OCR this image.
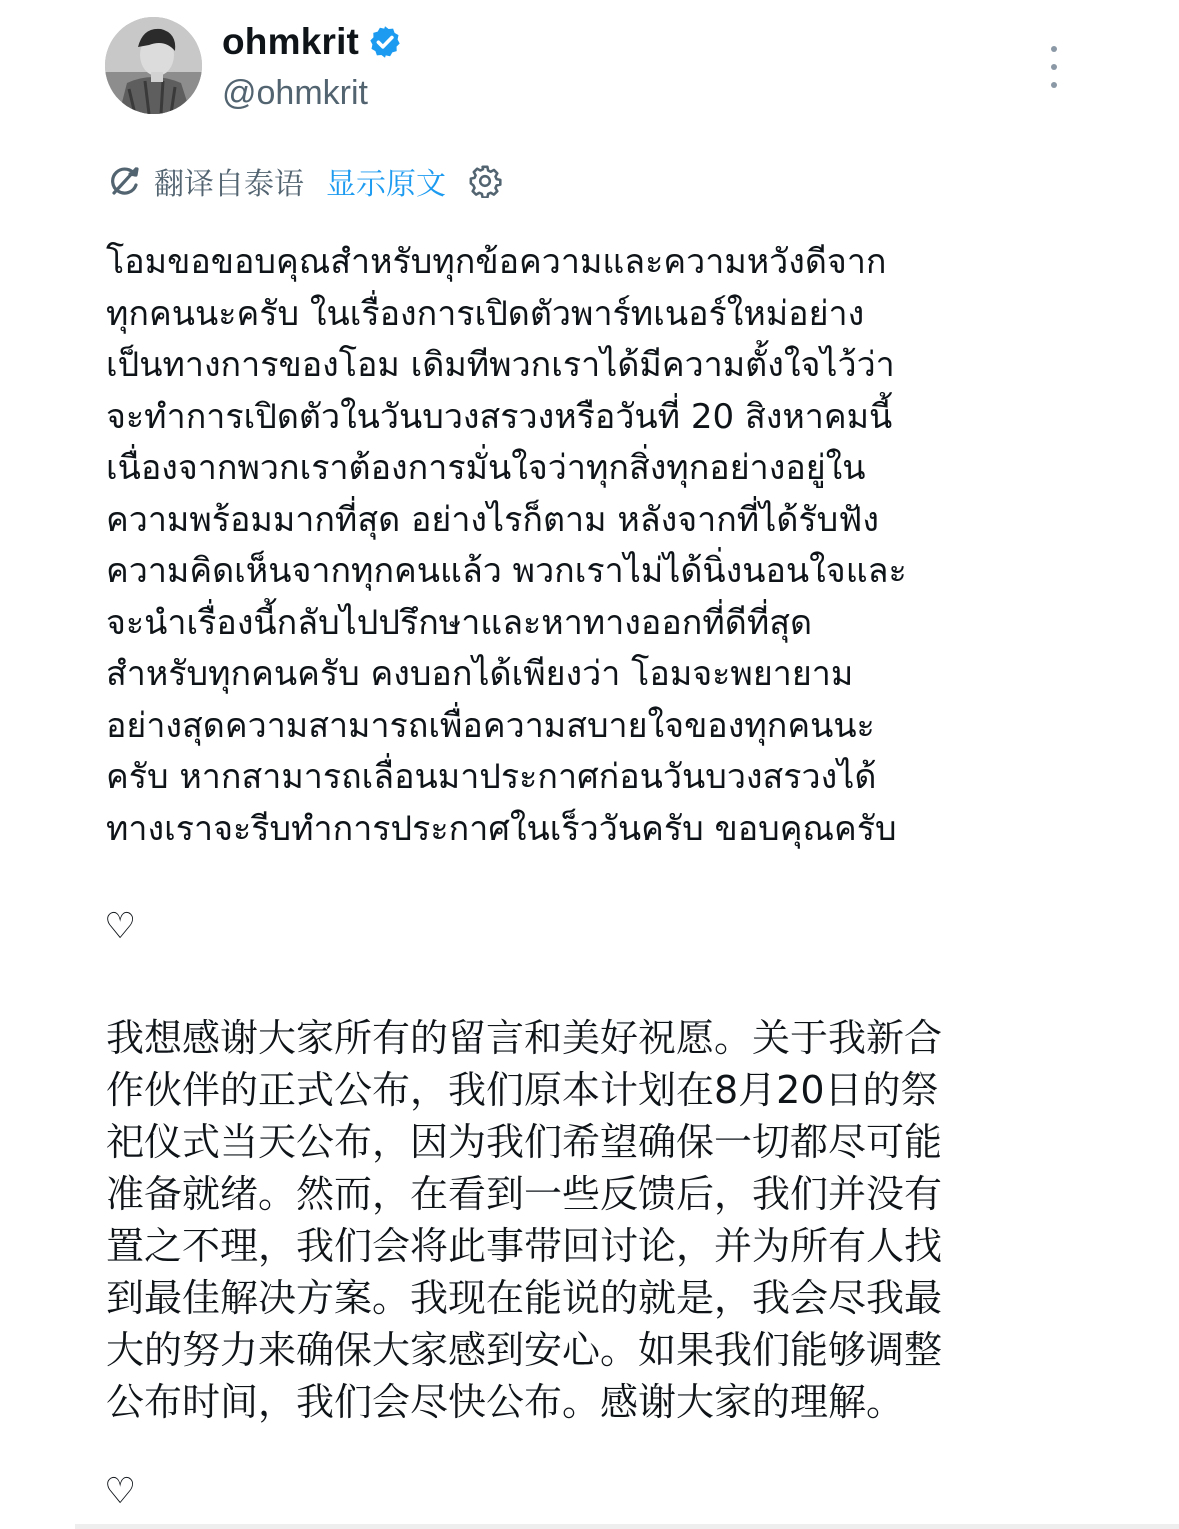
ohmkrit
@ohmkrit
翻译自泰语 显示原文

โอมขอขอบคุณสำหรับทุกข้อความและความหวังดีจาก
ทุกคนนะครับ ในเรื่องการเปิดตัวพาร์ทเนอร์ใหม่อย่าง
เป็นทางการของโอม เดิมทีพวกเราได้มีความตั้งใจไว้ว่า
จะทำการเปิดตัวในวันบวงสรวงหรือวันที่ 20 สิงหาคมนี้
เนื่องจากพวกเราต้องการมั่นใจว่าทุกสิ่งทุกอย่างอยู่ใน
ความพร้อมมากที่สุด อย่างไรก็ตาม หลังจากที่ได้รับฟัง
ความคิดเห็นจากทุกคนแล้ว พวกเราไม่ได้นิ่งนอนใจและ
จะนำเรื่องนี้กลับไปปรึกษาและหาทางออกที่ดีที่สุด
สำหรับทุกคนครับ คงบอกได้เพียงว่า โอมจะพยายาม
อย่างสุดความสามารถเพื่อความสบายใจของทุกคนนะ
ครับ หากสามารถเลื่อนมาประกาศก่อนวันบวงสรวงได้
ทางเราจะรีบทำการประกาศในเร็ววันครับ ขอบคุณครับ

♡

我想感谢大家所有的留言和美好祝愿。关于我新合
作伙伴的正式公布，我们原本计划在8月20日的祭
祀仪式当天公布，因为我们希望确保一切都尽可能
准备就绪。然而，在看到一些反馈后，我们并没有
置之不理，我们会将此事带回讨论，并为所有人找
到最佳解决方案。我现在能说的就是，我会尽我最
大的努力来确保大家感到安心。如果我们能够调整
公布时间，我们会尽快公布。感谢大家的理解。

♡
